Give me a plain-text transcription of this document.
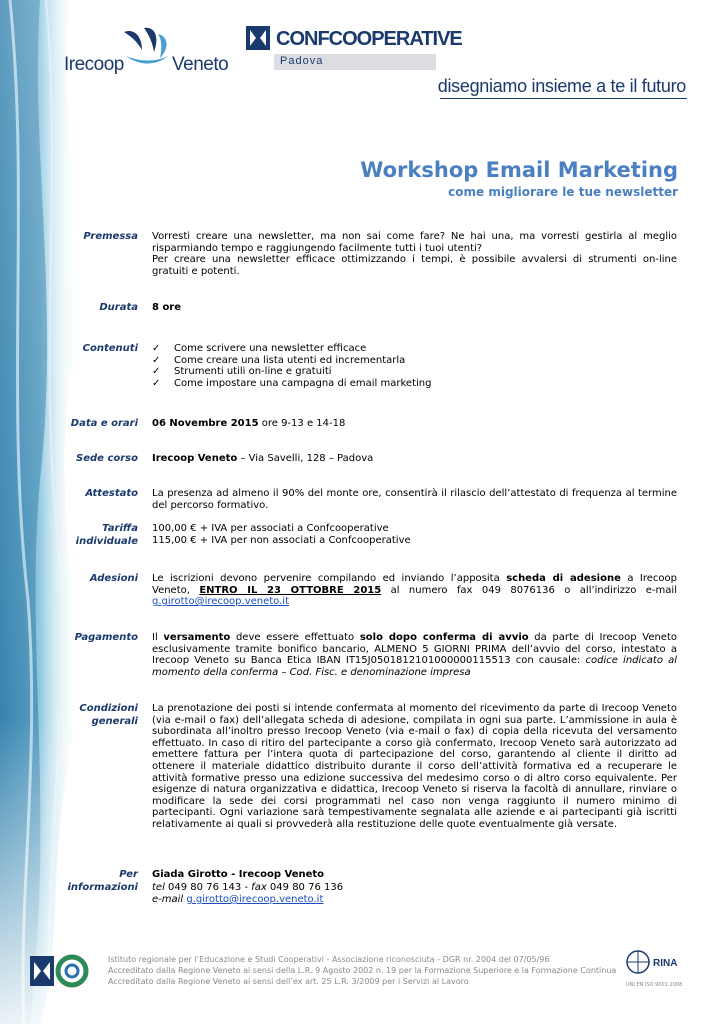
Irecoop	Veneto
CONFCOOPERATIVE
Padova
disegniamo insieme a te il futuro
Workshop Email Marketing
come migliorare le tue newsletter
Premessa Vorresti creare una newsletter, ma non sai come fare? Ne hai una, ma vorresti gestirla al meglio risparmiando tempo e raggiungendo facilmente tutti i tuoi utenti?

Per creare una newsletter efficace ottimizzando i tempi, è possibile avvalersi di strumenti on-line gratuiti e potenti.

Durata 8 ore
Contenuti ✓ Come scrivere una newsletter efficace
✓ Come creare una lista utenti ed incrementarla
✓ Strumenti utili on-line e gratuiti
✓ Come impostare una campagna di email marketing
Data e orari 06 Novembre 2015 ore 9-13 e 14-18
Sede corso Irecoop Veneto – Via Savelli, 128 – Padova
Attestato La presenza ad almeno il 90% del monte ore, consentirà il rilascio dell’attestato di frequenza al termine del percorso formativo.
Tariffa
individuale

100,00 € + IVA per associati a Confcooperative

115,00 € + IVA per non associati a Confcooperative

Adesioni Le iscrizioni devono pervenire compilando ed inviando l’apposita scheda di adesione a Irecoop Veneto, ENTRO IL 23 OTTOBRE 2015 al numero fax 049 8076136 o all’indirizzo e-mail g.girotto@irecoop.veneto.it
Pagamento Il versamento deve essere effettuato solo dopo conferma di avvio da parte di Irecoop Veneto esclusivamente tramite bonifico bancario, ALMENO 5 GIORNI PRIMA dell’avvio del corso, intestato a Irecoop Veneto su Banca Etica IBAN IT15J0501812101000000115513 con causale: codice indicato al momento della conferma – Cod. Fisc. e denominazione impresa
Condizioni
generali
La prenotazione dei posti si intende confermata al momento del ricevimento da parte di Irecoop Veneto (via e-mail o fax) dell’allegata scheda di adesione, compilata in ogni sua parte. L’ammissione in aula è subordinata all’inoltro presso Irecoop Veneto (via e-mail o fax) di copia della ricevuta del versamento effettuato. In caso di ritiro del partecipante a corso già confermato, Irecoop Veneto sarà autorizzato ad emettere fattura per l’intera quota di partecipazione del corso, garantendo al cliente il diritto ad ottenere il materiale didattico distribuito durante il corso dell’attività formativa ed a recuperare le attività formative presso una edizione successiva del medesimo corso o di altro corso equivalente. Per esigenze di natura organizzativa e didattica, Irecoop Veneto si riserva la facoltà di annullare, rinviare o modificare la sede dei corsi programmati nel caso non venga raggiunto il numero minimo di partecipanti. Ogni variazione sarà tempestivamente segnalata alle aziende e ai partecipanti già iscritti relativamente ai quali si provvederà alla restituzione delle quote eventualmente già versate.
Per
informazioni

Giada Girotto - Irecoop Veneto

tel 049 80 76 143 - fax 049 80 76 136

e-mail g.girotto@irecoop.veneto.it

Istituto regionale per l’Educazione e Studi Cooperativi - Associazione riconosciuta - DGR nr. 2004 del 07/05/96
Accreditato dalla Regione Veneto ai sensi della L.R. 9 Agosto 2002 n. 19 per la Formazione Superiore e la Formazione Continua
Accreditato dalla Regione Veneto ai sensi dell’ex art. 25 L.R. 3/2009 per i Servizi al Lavoro
RINA
UNI EN ISO 9001:2008
